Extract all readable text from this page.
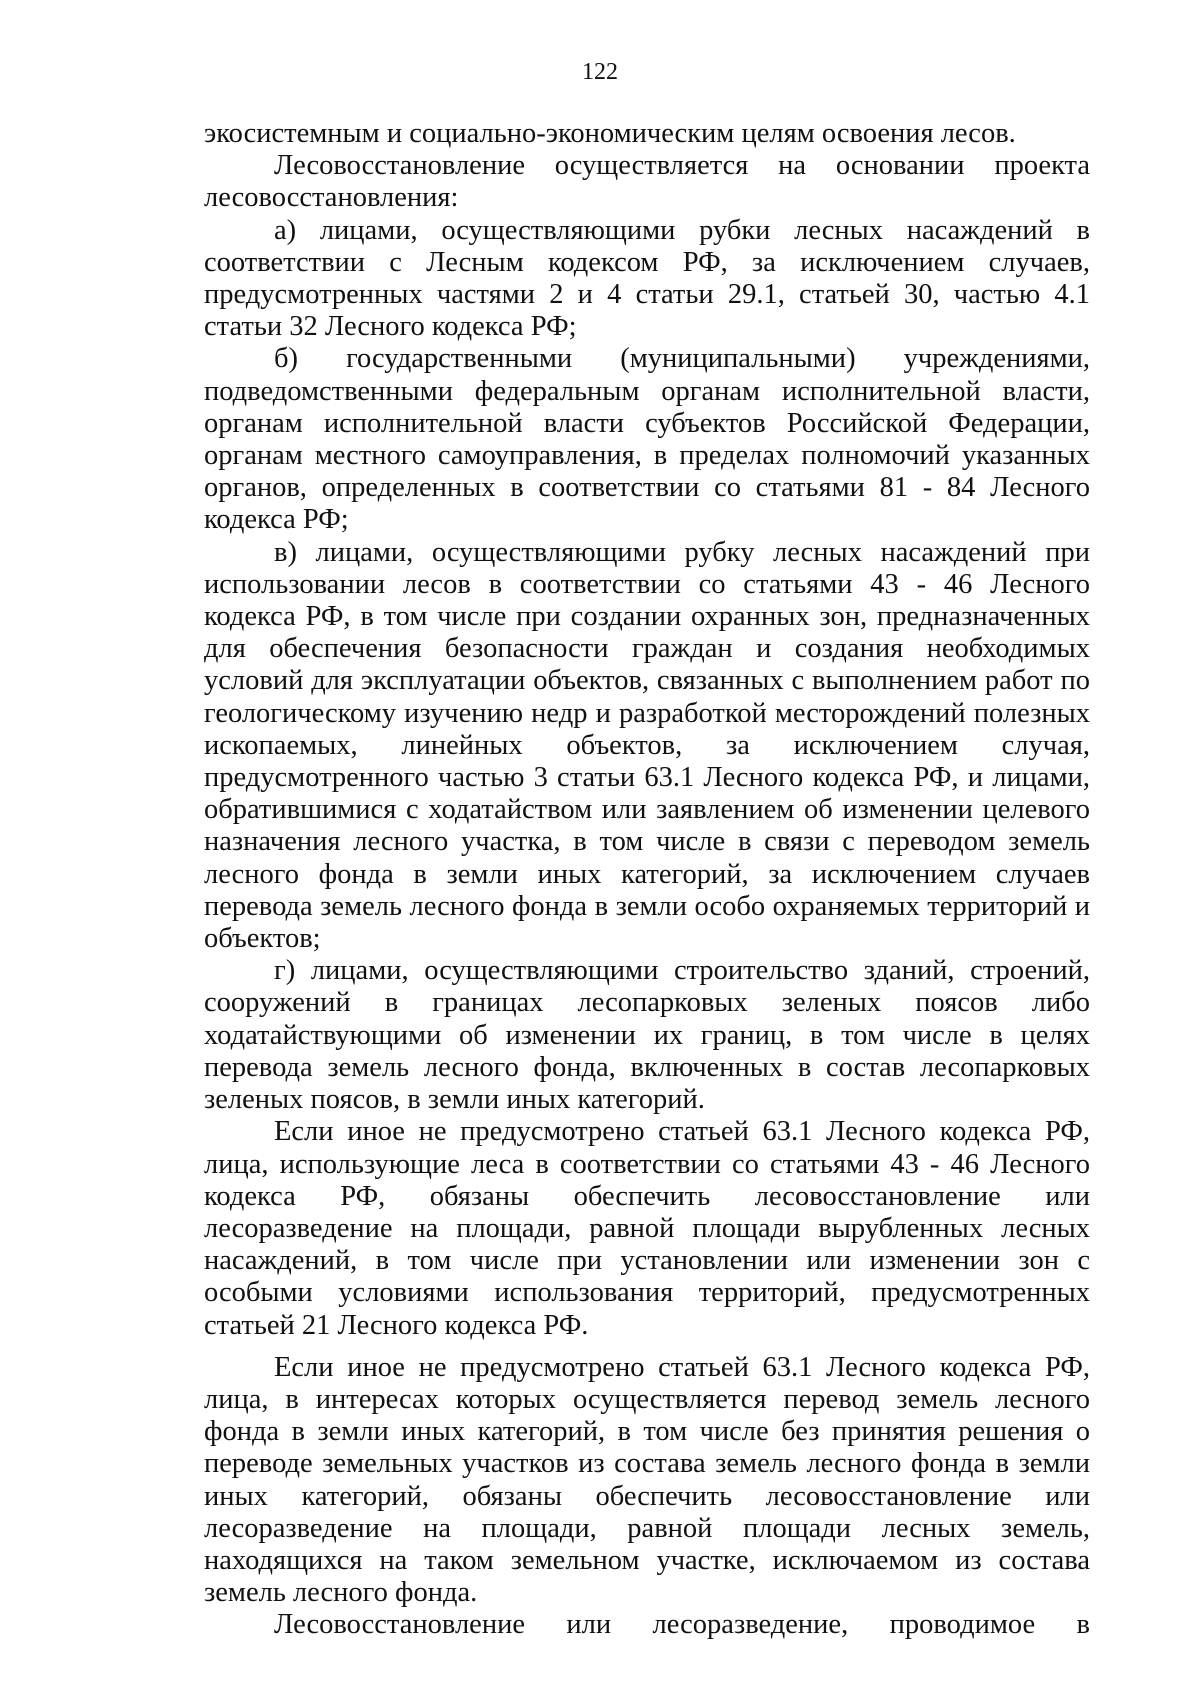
122

экосистемным и социально-экономическим целям освоения лесов.

Лесовосстановление осуществляется на основании проекта лесовосстановления:

а) лицами, осуществляющими рубки лесных насаждений в соответствии с Лесным кодексом РФ, за исключением случаев, предусмотренных частями 2 и 4 статьи 29.1, статьей 30, частью 4.1 статьи 32 Лесного кодекса РФ;

б) государственными (муниципальными) учреждениями, подведомственными федеральным органам исполнительной власти, органам исполнительной власти субъектов Российской Федерации, органам местного самоуправления, в пределах полномочий указанных органов, определенных в соответствии со статьями 81 - 84 Лесного кодекса РФ;

в) лицами, осуществляющими рубку лесных насаждений при использовании лесов в соответствии со статьями 43 - 46 Лесного кодекса РФ, в том числе при создании охранных зон, предназначенных для обеспечения безопасности граждан и создания необходимых условий для эксплуатации объектов, связанных с выполнением работ по геологическому изучению недр и разработкой месторождений полезных ископаемых, линейных объектов, за исключением случая, предусмотренного частью 3 статьи 63.1 Лесного кодекса РФ, и лицами, обратившимися с ходатайством или заявлением об изменении целевого назначения лесного участка, в том числе в связи с переводом земель лесного фонда в земли иных категорий, за исключением случаев перевода земель лесного фонда в земли особо охраняемых территорий и объектов;

г) лицами, осуществляющими строительство зданий, строений, сооружений в границах лесопарковых зеленых поясов либо ходатайствующими об изменении их границ, в том числе в целях перевода земель лесного фонда, включенных в состав лесопарковых зеленых поясов, в земли иных категорий.

Если иное не предусмотрено статьей 63.1 Лесного кодекса РФ, лица, использующие леса в соответствии со статьями 43 - 46 Лесного кодекса РФ, обязаны обеспечить лесовосстановление или лесоразведение на площади, равной площади вырубленных лесных насаждений, в том числе при установлении или изменении зон с особыми условиями использования территорий, предусмотренных статьей 21 Лесного кодекса РФ.

Если иное не предусмотрено статьей 63.1 Лесного кодекса РФ, лица, в интересах которых осуществляется перевод земель лесного фонда в земли иных категорий, в том числе без принятия решения о переводе земельных участков из состава земель лесного фонда в земли иных категорий, обязаны обеспечить лесовосстановление или лесоразведение на площади, равной площади лесных земель, находящихся на таком земельном участке, исключаемом из состава земель лесного фонда.

Лесовосстановление или лесоразведение, проводимое в
